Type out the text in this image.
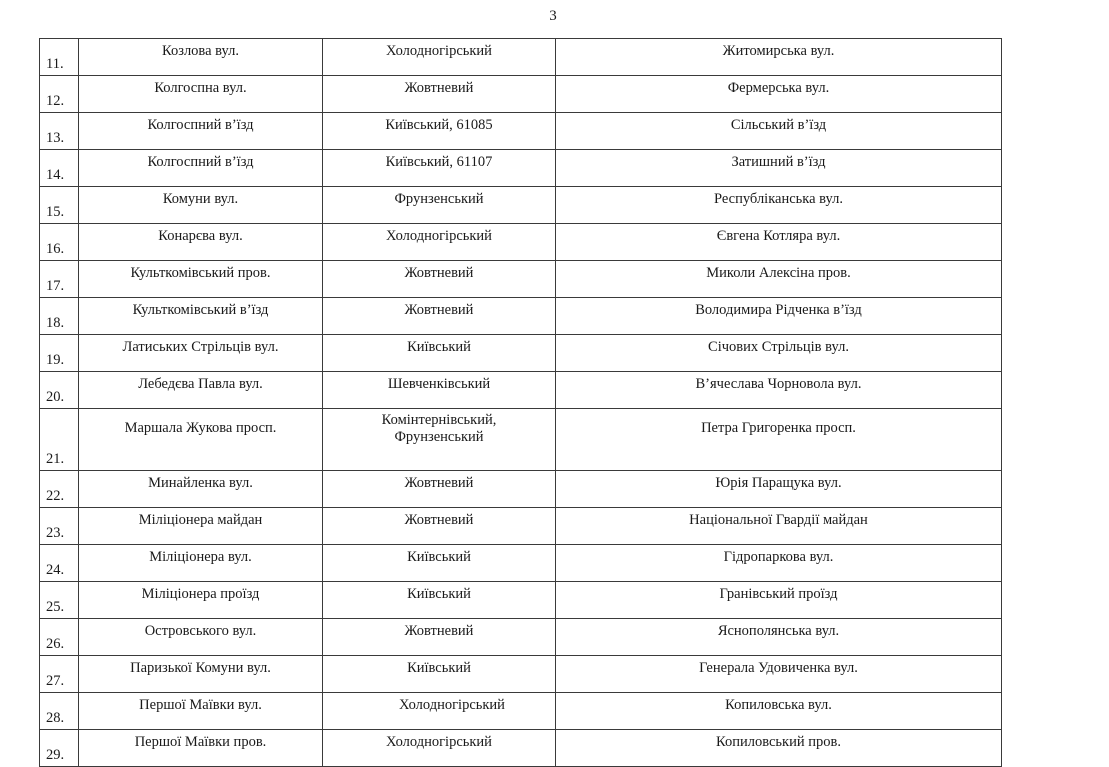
3
11.	Козлова вул.	Холодногірський	Житомирська вул.
12.	Колгоспна вул.	Жовтневий	Фермерська вул.
13.	Колгоспний в’їзд	Київський, 61085	Сільський в’їзд
14.	Колгоспний в’їзд	Київський, 61107	Затишний в’їзд
15.	Комуни вул.	Фрунзенський	Республіканська вул.
16.	Конарєва вул.	Холодногірський	Євгена Котляра вул.
17.	Культкомівський пров.	Жовтневий	Миколи Алексіна пров.
18.	Культкомівський в’їзд	Жовтневий	Володимира Рідченка в’їзд
19.	Латиських Стрільців вул.	Київський	Січових Стрільців вул.
20.	Лебедєва Павла вул.	Шевченківський	В’ячеслава Чорновола вул.
21.	Маршала Жукова просп.	Комінтернівський,
Фрунзенський	Петра Григоренка просп.
22.	Минайленка вул.	Жовтневий	Юрія Паращука вул.
23.	Міліціонера майдан	Жовтневий	Національної Гвардії майдан
24.	Міліціонера вул.	Київський	Гідропаркова вул.
25.	Міліціонера проїзд	Київський	Гранівський проїзд
26.	Островського вул.	Жовтневий	Яснополянська вул.
27.	Паризької Комуни вул.	Київський	Генерала Удовиченка вул.
28.	Першої Маївки вул.	Холодногірський	Копиловська вул.
29.	Першої Маївки пров.	Холодногірський	Копиловський пров.
